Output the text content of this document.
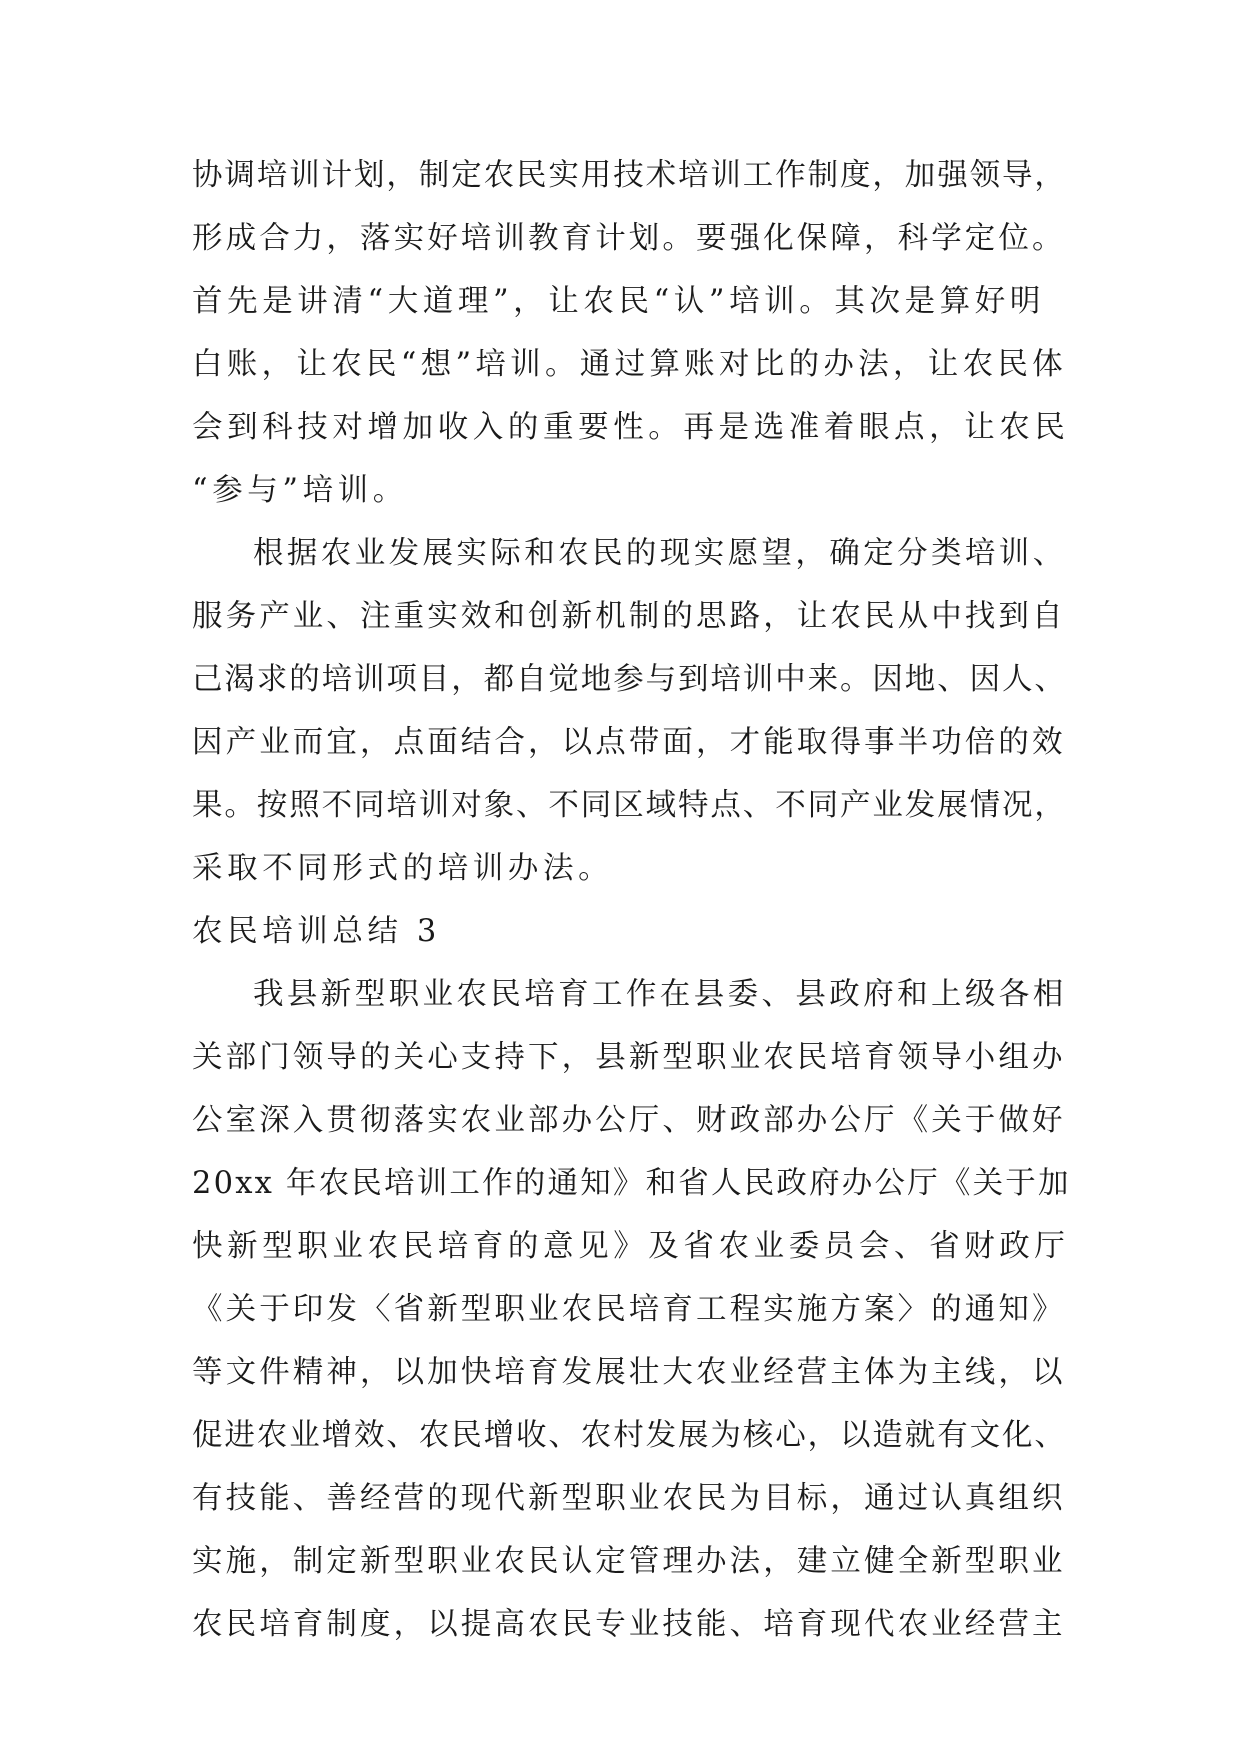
协调培训计划，制定农民实用技术培训工作制度，加强领导，
形成合力，落实好培训教育计划。要强化保障，科学定位。
首先是讲清“大道理”，让农民“认”培训。其次是算好明
白账，让农民“想”培训。通过算账对比的办法，让农民体
会到科技对增加收入的重要性。再是选准着眼点，让农民
“参与”培训。
根据农业发展实际和农民的现实愿望，确定分类培训、
服务产业、注重实效和创新机制的思路，让农民从中找到自
己渴求的培训项目，都自觉地参与到培训中来。因地、因人、
因产业而宜，点面结合，以点带面，才能取得事半功倍的效
果。按照不同培训对象、不同区域特点、不同产业发展情况，
采取不同形式的培训办法。
农民培训总结 3
我县新型职业农民培育工作在县委、县政府和上级各相
关部门领导的关心支持下，县新型职业农民培育领导小组办
公室深入贯彻落实农业部办公厅、财政部办公厅《关于做好
20xx 年农民培训工作的通知》和省人民政府办公厅《关于加
快新型职业农民培育的意见》及省农业委员会、省财政厅
《关于印发〈省新型职业农民培育工程实施方案〉的通知》
等文件精神，以加快培育发展壮大农业经营主体为主线，以
促进农业增效、农民增收、农村发展为核心，以造就有文化、
有技能、善经营的现代新型职业农民为目标，通过认真组织
实施，制定新型职业农民认定管理办法，建立健全新型职业
农民培育制度，以提高农民专业技能、培育现代农业经营主
